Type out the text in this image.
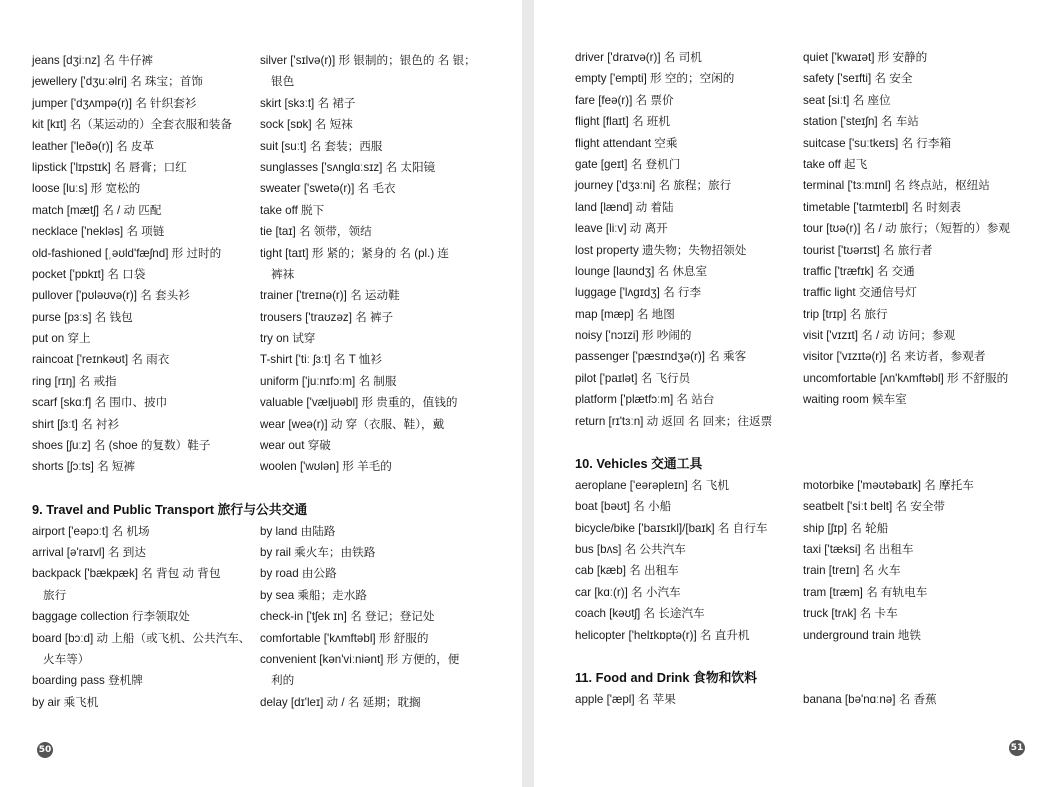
jeans [dʒiːnz] 名 牛仔裤
jewellery ['dʒuːəlri] 名 珠宝；首饰
jumper ['dʒʌmpə(r)] 名 针织套衫
kit [kɪt] 名（某运动的）全套衣服和装备
leather ['leðə(r)] 名 皮革
lipstick ['lɪpstɪk] 名 唇膏；口红
loose [luːs] 形 宽松的
match [mætʃ] 名 / 动 匹配
necklace ['nekləs] 名 项链
old-fashioned [ˌəʊld'fæʃnd] 形 过时的
pocket ['pɒkɪt] 名 口袋
pullover ['pʊləʊvə(r)] 名 套头衫
purse [pɜːs] 名 钱包
put on 穿上
raincoat ['reɪnkəʊt] 名 雨衣
ring [rɪŋ] 名 戒指
scarf [skɑːf] 名 围巾、披巾
shirt [ʃɜːt] 名 衬衫
shoes [ʃuːz] 名 (shoe 的复数）鞋子
shorts [ʃɔːts] 名 短裤
9. Travel and Public Transport 旅行与公共交通
airport ['eəpɔːt] 名 机场
arrival [ə'raɪvl] 名 到达
backpack ['bækpæk] 名 背包 动 背包
旅行
baggage collection 行李领取处
board [bɔːd] 动 上船（或飞机、公共汽车、
火车等）
boarding pass 登机牌
by air 乘飞机
silver ['sɪlvə(r)] 形 银制的；银色的 名 银；
银色
skirt [skɜːt] 名 裙子
sock [sɒk] 名 短袜
suit [suːt] 名 套装；西服
sunglasses ['sʌnglɑːsɪz] 名 太阳镜
sweater ['swetə(r)] 名 毛衣
take off 脱下
tie [taɪ] 名 领带，领结
tight [taɪt] 形 紧的；紧身的 名 (pl.) 连
裤袜
trainer ['treɪnə(r)] 名 运动鞋
trousers ['traʊzəz] 名 裤子
try on 试穿
T-shirt ['tiː ʃɜːt] 名 T 恤衫
uniform ['juːnɪfɔːm] 名 制服
valuable ['væljuəbl] 形 贵重的，值钱的
wear [weə(r)] 动 穿（衣服、鞋），戴
wear out 穿破
woolen ['wʊlən] 形 羊毛的
by land 由陆路
by rail 乘火车；由铁路
by road 由公路
by sea 乘船；走水路
check-in ['tʃek ɪn] 名 登记；登记处
comfortable ['kʌmftəbl] 形 舒服的
convenient [kən'viːniənt] 形 方便的，便
利的
delay [dɪ'leɪ] 动 / 名 延期；耽搁
50
driver ['draɪvə(r)] 名 司机
empty ['empti] 形 空的；空闲的
fare [feə(r)] 名 票价
flight [flaɪt] 名 班机
flight attendant 空乘
gate [ɡeɪt] 名 登机门
journey ['dʒɜːni] 名 旅程；旅行
land [lænd] 动 着陆
leave [liːv] 动 离开
lost property 遗失物；失物招领处
lounge [laʊndʒ] 名 休息室
luggage ['lʌɡɪdʒ] 名 行李
map [mæp] 名 地图
noisy ['nɔɪzi] 形 吵闹的
passenger ['pæsɪndʒə(r)] 名 乘客
pilot ['paɪlət] 名 飞行员
platform ['plætfɔːm] 名 站台
return [rɪ'tɜːn] 动 返回 名 回来；往返票
10. Vehicles 交通工具
aeroplane ['eərəpleɪn] 名 飞机
boat [bəʊt] 名 小船
bicycle/bike ['baɪsɪkl]/[baɪk] 名 自行车
bus [bʌs] 名 公共汽车
cab [kæb] 名 出租车
car [kɑː(r)] 名 小汽车
coach [kəʊtʃ] 名 长途汽车
helicopter ['helɪkɒptə(r)] 名 直升机
11. Food and Drink 食物和饮料
apple ['æpl] 名 苹果
quiet ['kwaɪət] 形 安静的
safety ['seɪfti] 名 安全
seat [siːt] 名 座位
station ['steɪʃn] 名 车站
suitcase ['suːtkeɪs] 名 行李箱
take off 起飞
terminal ['tɜːmɪnl] 名 终点站，枢纽站
timetable ['taɪmteɪbl] 名 时刻表
tour [tʊə(r)] 名 / 动 旅行；（短暂的）参观
tourist ['tʊərɪst] 名 旅行者
traffic ['træfɪk] 名 交通
traffic light 交通信号灯
trip [trɪp] 名 旅行
visit ['vɪzɪt] 名 / 动 访问；参观
visitor ['vɪzɪtə(r)] 名 来访者，参观者
uncomfortable [ʌn'kʌmftəbl] 形 不舒服的
waiting room 候车室
motorbike ['məʊtəbaɪk] 名 摩托车
seatbelt ['siːt belt] 名 安全带
ship [ʃɪp] 名 轮船
taxi ['tæksi] 名 出租车
train [treɪn] 名 火车
tram [træm] 名 有轨电车
truck [trʌk] 名 卡车
underground train 地铁
banana [bə'nɑːnə] 名 香蕉
51
